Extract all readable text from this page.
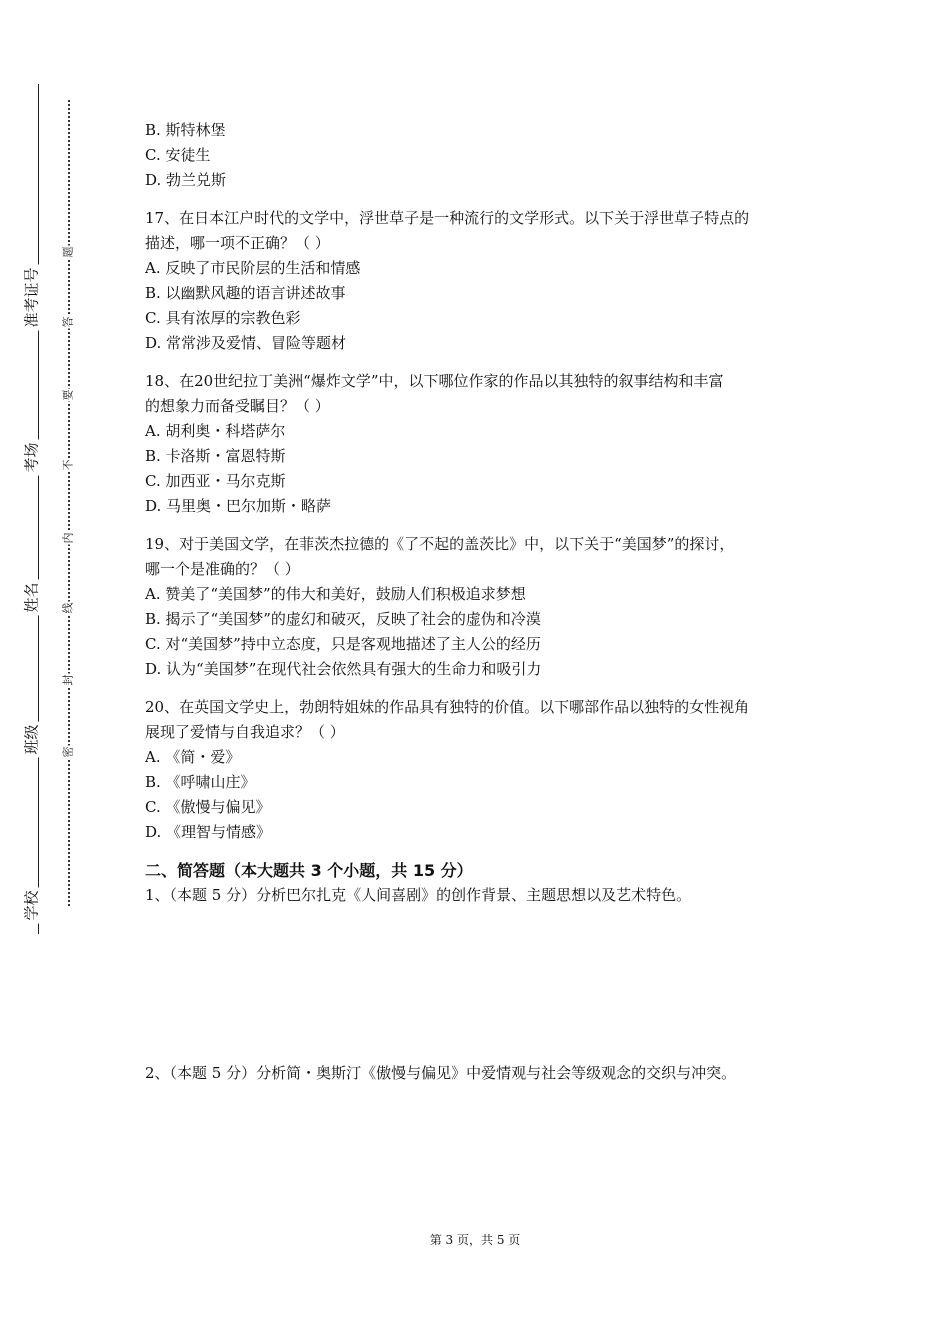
准考证号
考场
姓名
班级
学校
题
答
要
不
内
线
封
密
B. 斯特林堡
C. 安徒生
D. 勃兰兑斯
17、在日本江户时代的文学中，浮世草子是一种流行的文学形式。以下关于浮世草子特点的
描述，哪一项不正确？（ ）
A. 反映了市民阶层的生活和情感
B. 以幽默风趣的语言讲述故事
C. 具有浓厚的宗教色彩
D. 常常涉及爱情、冒险等题材
18、在20世纪拉丁美洲“爆炸文学”中，以下哪位作家的作品以其独特的叙事结构和丰富
的想象力而备受瞩目？（ ）
A. 胡利奥・科塔萨尔
B. 卡洛斯・富恩特斯
C. 加西亚・马尔克斯
D. 马里奥・巴尔加斯・略萨
19、对于美国文学，在菲茨杰拉德的《了不起的盖茨比》中，以下关于“美国梦”的探讨，
哪一个是准确的？（ ）
A. 赞美了“美国梦”的伟大和美好，鼓励人们积极追求梦想
B. 揭示了“美国梦”的虚幻和破灭，反映了社会的虚伪和冷漠
C. 对“美国梦”持中立态度，只是客观地描述了主人公的经历
D. 认为“美国梦”在现代社会依然具有强大的生命力和吸引力
20、在英国文学史上，勃朗特姐妹的作品具有独特的价值。以下哪部作品以独特的女性视角
展现了爱情与自我追求？（ ）
A. 《简・爱》
B. 《呼啸山庄》
C. 《傲慢与偏见》
D. 《理智与情感》
二、简答题（本大题共 3 个小题，共 15 分）
1、（本题 5 分）分析巴尔扎克《人间喜剧》的创作背景、主题思想以及艺术特色。
2、（本题 5 分）分析简・奥斯汀《傲慢与偏见》中爱情观与社会等级观念的交织与冲突。
第 3 页，共 5 页
